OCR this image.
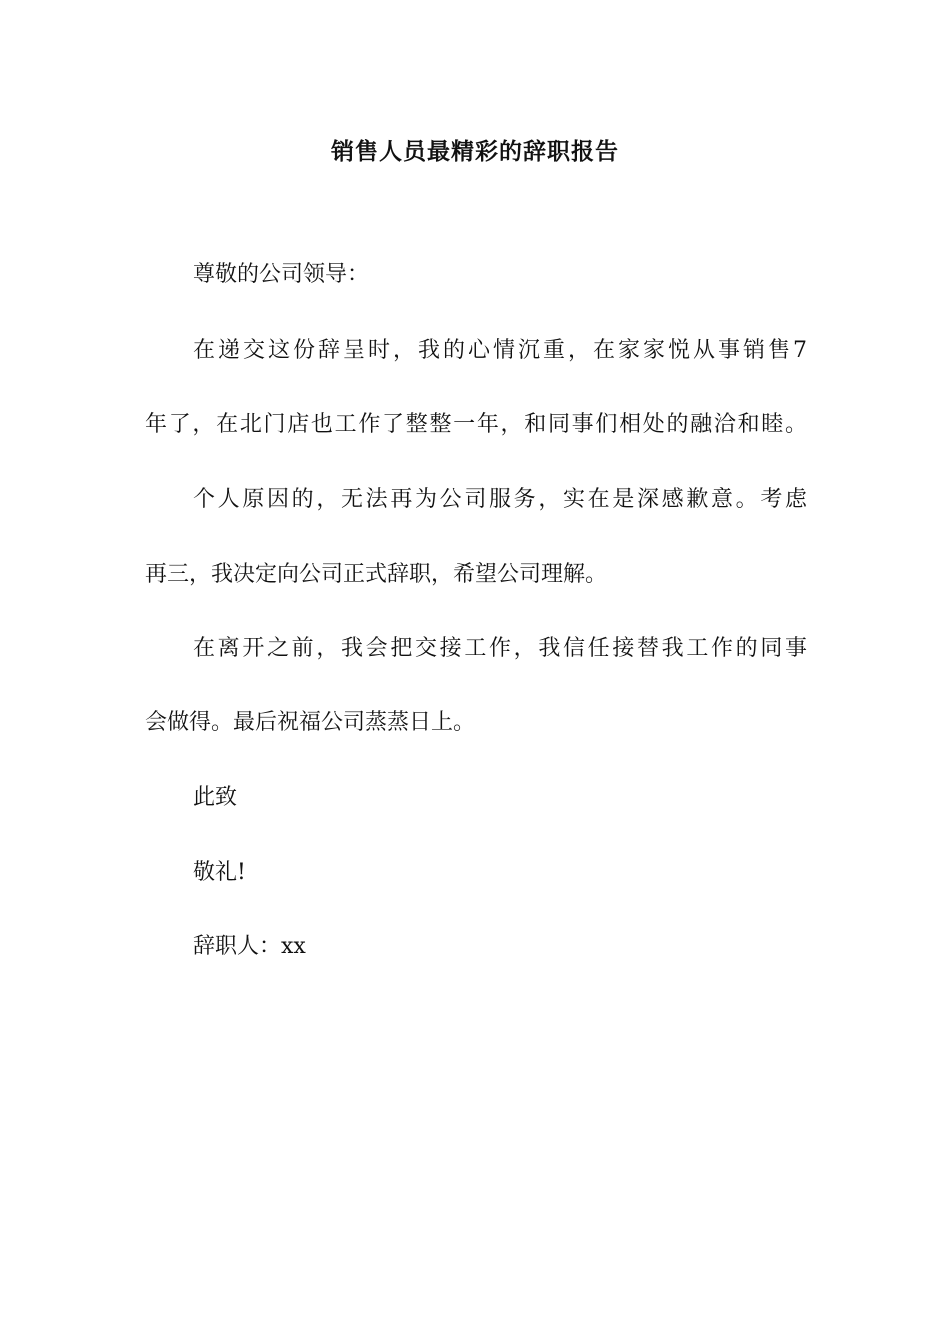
销售人员最精彩的辞职报告
尊敬的公司领导：
在递交这份辞呈时，我的心情沉重，在家家悦从事销售7
年了，在北门店也工作了整整一年，和同事们相处的融洽和睦。
个人原因的，无法再为公司服务，实在是深感歉意。考虑
再三，我决定向公司正式辞职，希望公司理解。
在离开之前，我会把交接工作，我信任接替我工作的同事
会做得。最后祝福公司蒸蒸日上。
此致
敬礼!
辞职人：xx
